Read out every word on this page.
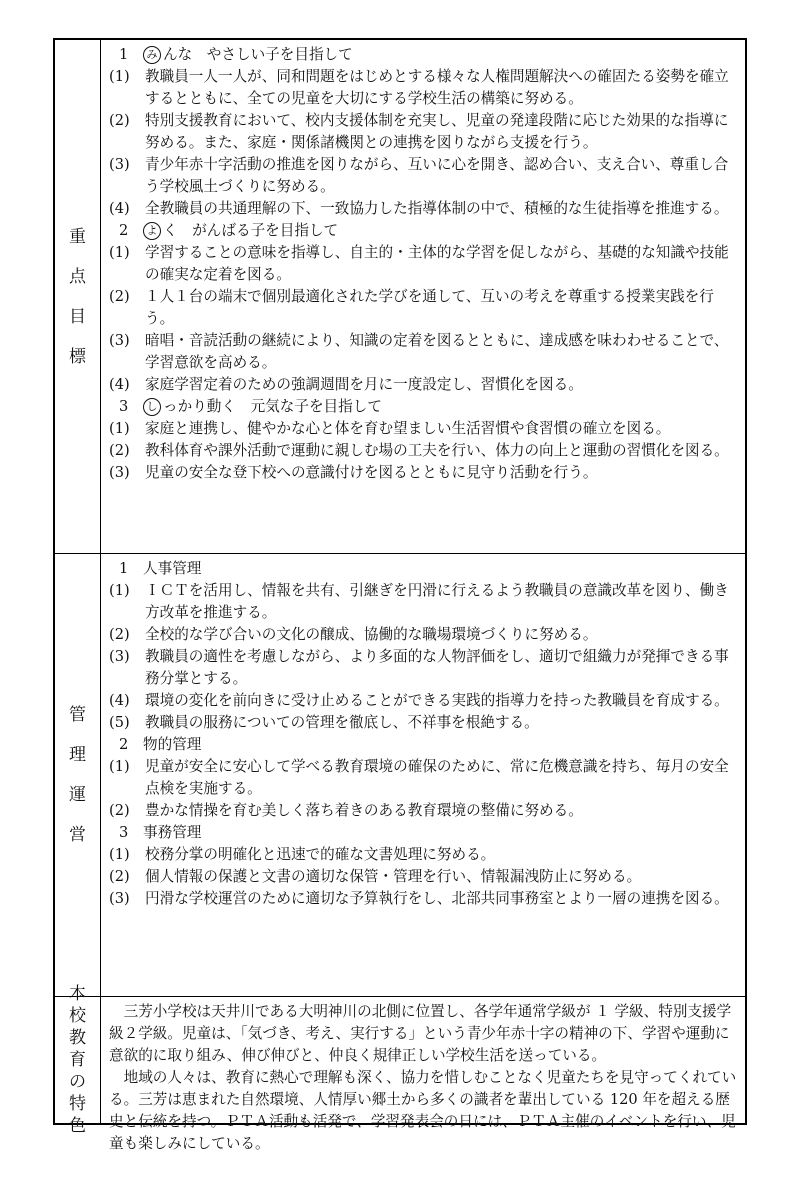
重点目標
1 み んな　やさしい子を目指して
(1)	教職員一人一人が、同和問題をはじめとする様々な人権問題解決への確固たる姿勢を確立するとともに、全ての児童を大切にする学校生活の構築に努める。
(2)	特別支援教育において、校内支援体制を充実し、児童の発達段階に応じた効果的な指導に努める。また、家庭・関係諸機関との連携を図りながら支援を行う。
(3)	青少年赤十字活動の推進を図りながら、互いに心を開き、認め合い、支え合い、尊重し合う学校風土づくりに努める。
(4)	全教職員の共通理解の下、一致協力した指導体制の中で、積極的な生徒指導を推進する。
2 よ く　がんばる子を目指して
(1)	学習することの意味を指導し、自主的・主体的な学習を促しながら、基礎的な知識や技能の確実な定着を図る。
(2)	１人１台の端末で個別最適化された学びを通して、互いの考えを尊重する授業実践を行う。
(3)	暗唱・音読活動の継続により、知識の定着を図るとともに、達成感を味わわせることで、学習意欲を高める。
(4)	家庭学習定着のための強調週間を月に一度設定し、習慣化を図る。
3 し っかり動く　元気な子を目指して
(1)	家庭と連携し、健やかな心と体を育む望ましい生活習慣や食習慣の確立を図る。
(2)	教科体育や課外活動で運動に親しむ場の工夫を行い、体力の向上と運動の習慣化を図る。
(3)	児童の安全な登下校への意識付けを図るとともに見守り活動を行う。
管理運営
1 人事管理
(1)	ＩＣＴを活用し、情報を共有、引継ぎを円滑に行えるよう教職員の意識改革を図り、働き方改革を推進する。
(2)	全校的な学び合いの文化の醸成、協働的な職場環境づくりに努める。
(3)	教職員の適性を考慮しながら、より多面的な人物評価をし、適切で組織力が発揮できる事務分掌とする。
(4)	環境の変化を前向きに受け止めることができる実践的指導力を持った教職員を育成する。
(5)	教職員の服務についての管理を徹底し、不祥事を根絶する。
2 物的管理
(1)	児童が安全に安心して学べる教育環境の確保のために、常に危機意識を持ち、毎月の安全点検を実施する。
(2)	豊かな情操を育む美しく落ち着きのある教育環境の整備に努める。
3 事務管理
(1)	校務分掌の明確化と迅速で的確な文書処理に努める。
(2)	個人情報の保護と文書の適切な保管・管理を行い、情報漏洩防止に努める。
(3)	円滑な学校運営のために適切な予算執行をし、北部共同事務室とより一層の連携を図る。
本校教育の特色
三芳小学校は天井川である大明神川の北側に位置し、各学年通常学級が １ 学級、特別支援学級２学級。児童は、「気づき、考え、実行する」という青少年赤十字の精神の下、学習や運動に意欲的に取り組み、伸び伸びと、仲良く規律正しい学校生活を送っている。
地域の人々は、教育に熱心で理解も深く、協力を惜しむことなく児童たちを見守ってくれている。三芳は恵まれた自然環境、人情厚い郷土から多くの識者を輩出している 120 年を超える歴史と伝統を持つ。ＰＴＡ活動も活発で、学習発表会の日には、ＰＴＡ主催のイベントを行い、児童も楽しみにしている。
